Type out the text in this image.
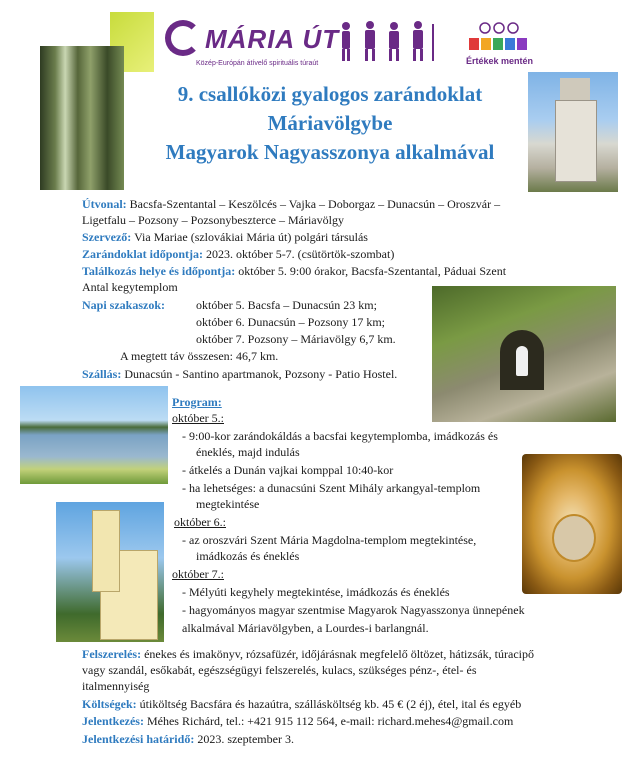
MÁRIA ÚT
Közép-Európán átívelő spirituális túraút	Értékek mentén
9. csallóközi gyalogos zarándoklat
Máriavölgybe
Magyarok Nagyasszonya alkalmával
Útvonal: Bacsfa-Szentantal – Keszölcés – Vajka – Doborgaz – Dunacsún – Oroszvár –
Ligetfalu – Pozsony – Pozsonybeszterce – Máriavölgy
Szervező: Via Mariae (szlovákiai Mária út) polgári társulás
Zarándoklat időpontja: 2023. október 5-7. (csütörtök-szombat)
Találkozás helye és időpontja: október 5. 9:00 órakor, Bacsfa-Szentantal, Páduai Szent
Antal kegytemplom
Napi szakaszok:	október 5. Bacsfa – Dunacsún 23 km;
október 6. Dunacsún – Pozsony 17 km;
október 7. Pozsony – Máriavölgy 6,7 km.
A megtett táv összesen: 46,7 km.
Szállás: Dunacsún - Santino apartmanok, Pozsony - Patio Hostel.
Program:
október 5.:
- 9:00-kor zarándokáldás a bacsfai kegytemplomba, imádkozás és
éneklés, majd indulás
- átkelés a Dunán vajkai komppal 10:40-kor
- ha lehetséges: a dunacsúni Szent Mihály arkangyal-templom
megtekintése
október 6.:
- az oroszvári Szent Mária Magdolna-templom megtekintése,
imádkozás és éneklés
október 7.:
- Mélyúti kegyhely megtekintése, imádkozás és éneklés
- hagyományos magyar szentmise Magyarok Nagyasszonya ünnepének
alkalmával Máriavölgyben, a Lourdes-i barlangnál.
Felszerelés: énekes és imakönyv, rózsafüzér, időjárásnak megfelelő öltözet, hátizsák, túracipő
vagy szandál, esőkabát, egészségügyi felszerelés, kulacs, szükséges pénz-, étel- és
italmennyiség
Költségek: útiköltség Bacsfára és hazaútra, szállásköltség kb. 45 € (2 éj), étel, ital és egyéb
Jelentkezés: Méhes Richárd, tel.: +421 915 112 564, e-mail: richard.mehes4@gmail.com
Jelentkezési határidő: 2023. szeptember 3.
